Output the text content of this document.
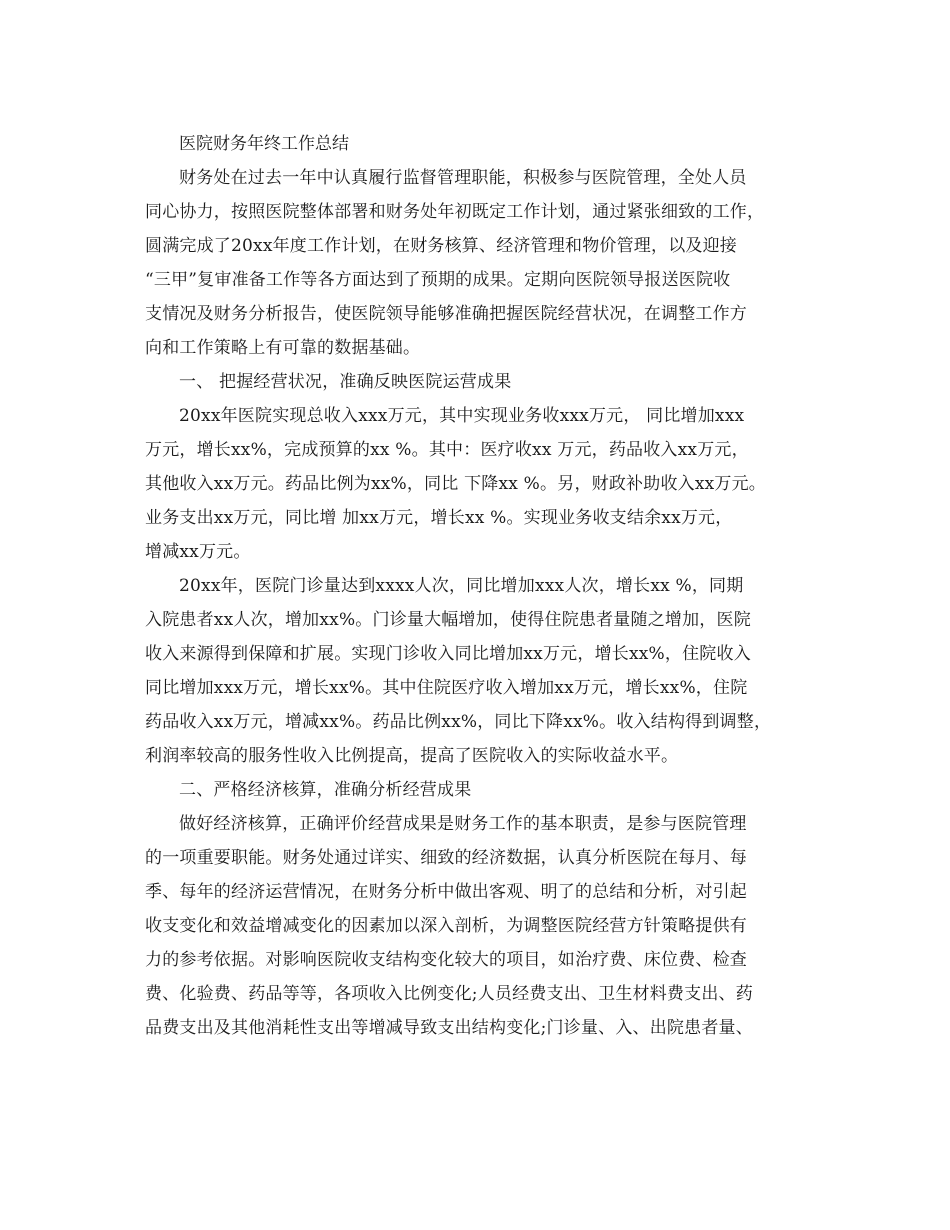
医院财务年终工作总结
财务处在过去一年中认真履行监督管理职能，积极参与医院管理，全处人员
同心协力，按照医院整体部署和财务处年初既定工作计划，通过紧张细致的工作，
圆满完成了20xx年度工作计划，在财务核算、经济管理和物价管理，以及迎接
“三甲”复审准备工作等各方面达到了预期的成果。定期向医院领导报送医院收
支情况及财务分析报告，使医院领导能够准确把握医院经营状况，在调整工作方
向和工作策略上有可靠的数据基础。
一、 把握经营状况，准确反映医院运营成果
20xx年医院实现总收入xxx万元，其中实现业务收xxx万元， 同比增加xxx
万元，增长xx%，完成预算的xx %。其中：医疗收xx 万元，药品收入xx万元，
其他收入xx万元。药品比例为xx%，同比 下降xx %。另，财政补助收入xx万元。
业务支出xx万元，同比增 加xx万元，增长xx %。实现业务收支结余xx万元，
增减xx万元。
20xx年，医院门诊量达到xxxx人次，同比增加xxx人次，增长xx %，同期
入院患者xx人次，增加xx%。门诊量大幅增加，使得住院患者量随之增加，医院
收入来源得到保障和扩展。实现门诊收入同比增加xx万元，增长xx%，住院收入
同比增加xxx万元，增长xx%。其中住院医疗收入增加xx万元，增长xx%，住院
药品收入xx万元，增减xx%。药品比例xx%，同比下降xx%。收入结构得到调整，
利润率较高的服务性收入比例提高，提高了医院收入的实际收益水平。
二、严格经济核算，准确分析经营成果
做好经济核算，正确评价经营成果是财务工作的基本职责，是参与医院管理
的一项重要职能。财务处通过详实、细致的经济数据，认真分析医院在每月、每
季、每年的经济运营情况，在财务分析中做出客观、明了的总结和分析，对引起
收支变化和效益增减变化的因素加以深入剖析，为调整医院经营方针策略提供有
力的参考依据。对影响医院收支结构变化较大的项目，如治疗费、床位费、检查
费、化验费、药品等等，各项收入比例变化;人员经费支出、卫生材料费支出、药
品费支出及其他消耗性支出等增减导致支出结构变化;门诊量、入、出院患者量、
